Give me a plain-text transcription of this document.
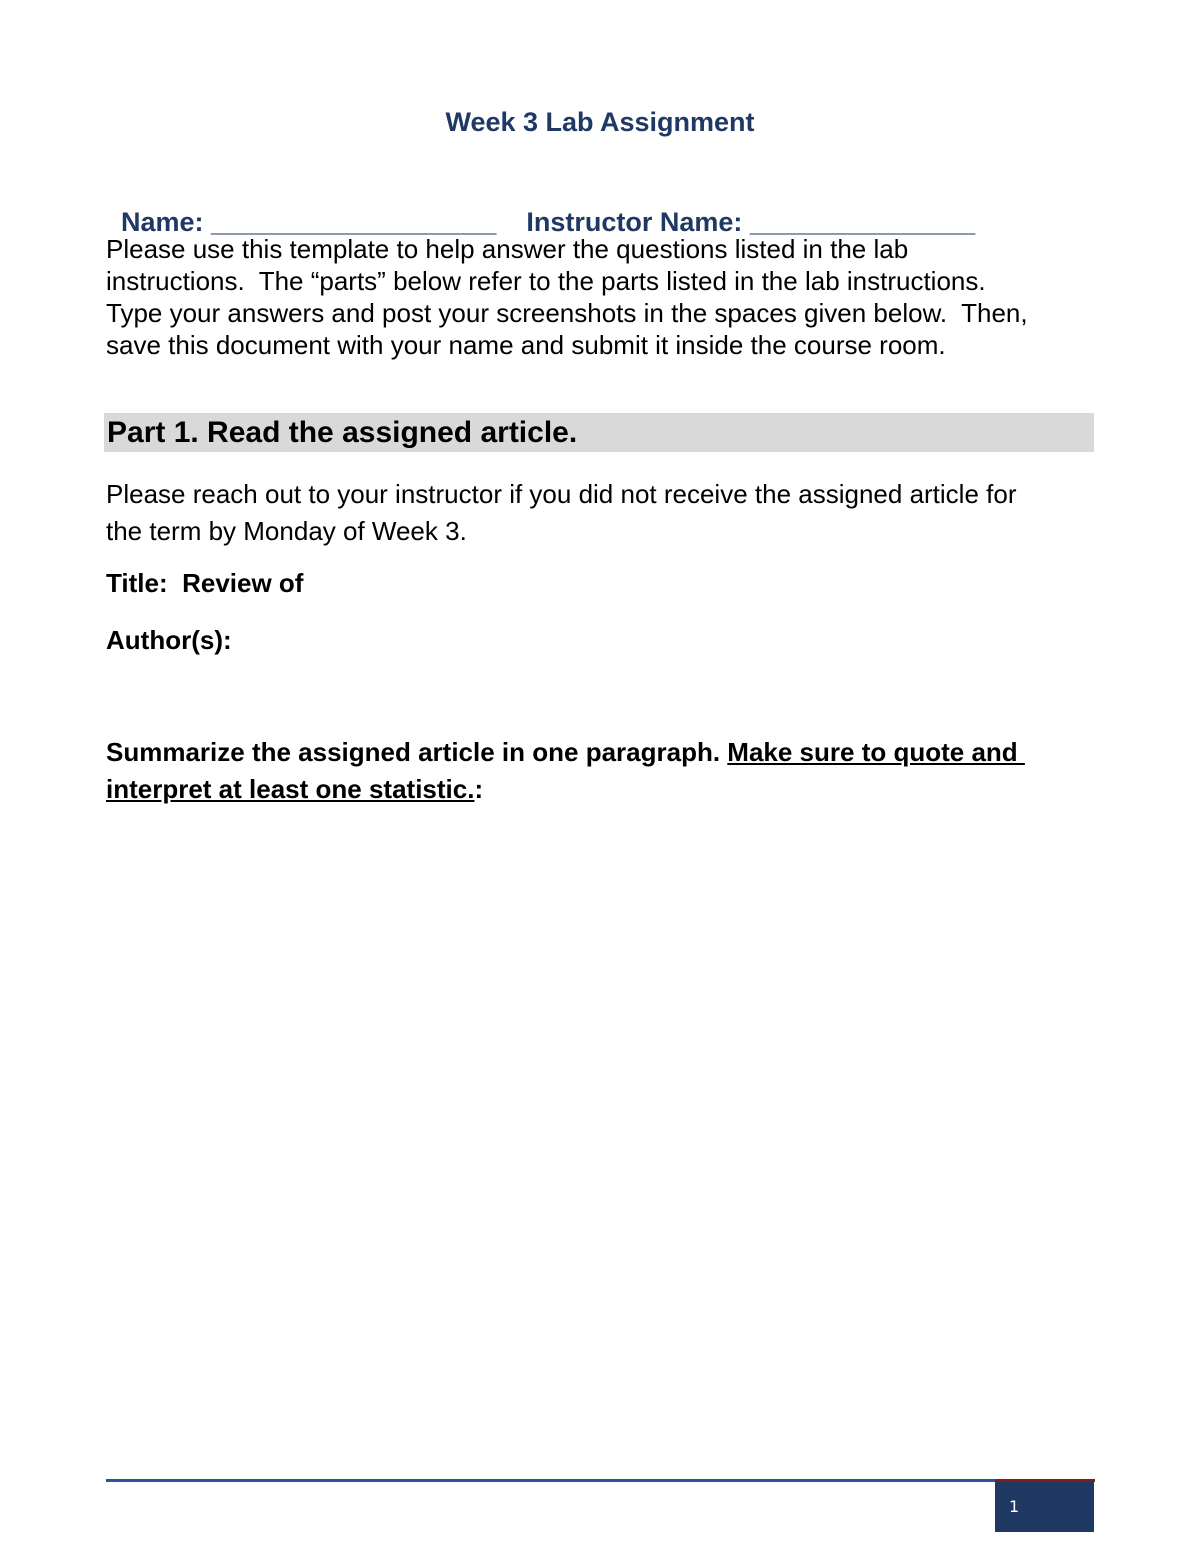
Week 3 Lab Assignment

Name: ___________________ Instructor Name: _______________

Please use this template to help answer the questions listed in the lab
instructions.  The “parts” below refer to the parts listed in the lab instructions.
Type your answers and post your screenshots in the spaces given below.  Then,
save this document with your name and submit it inside the course room.
Part 1. Read the assigned article.
Please reach out to your instructor if you did not receive the assigned article for
the term by Monday of Week 3.
Title:  Review of
Author(s):
Summarize the assigned article in one paragraph. Make sure to quote and
interpret at least one statistic.:
1
